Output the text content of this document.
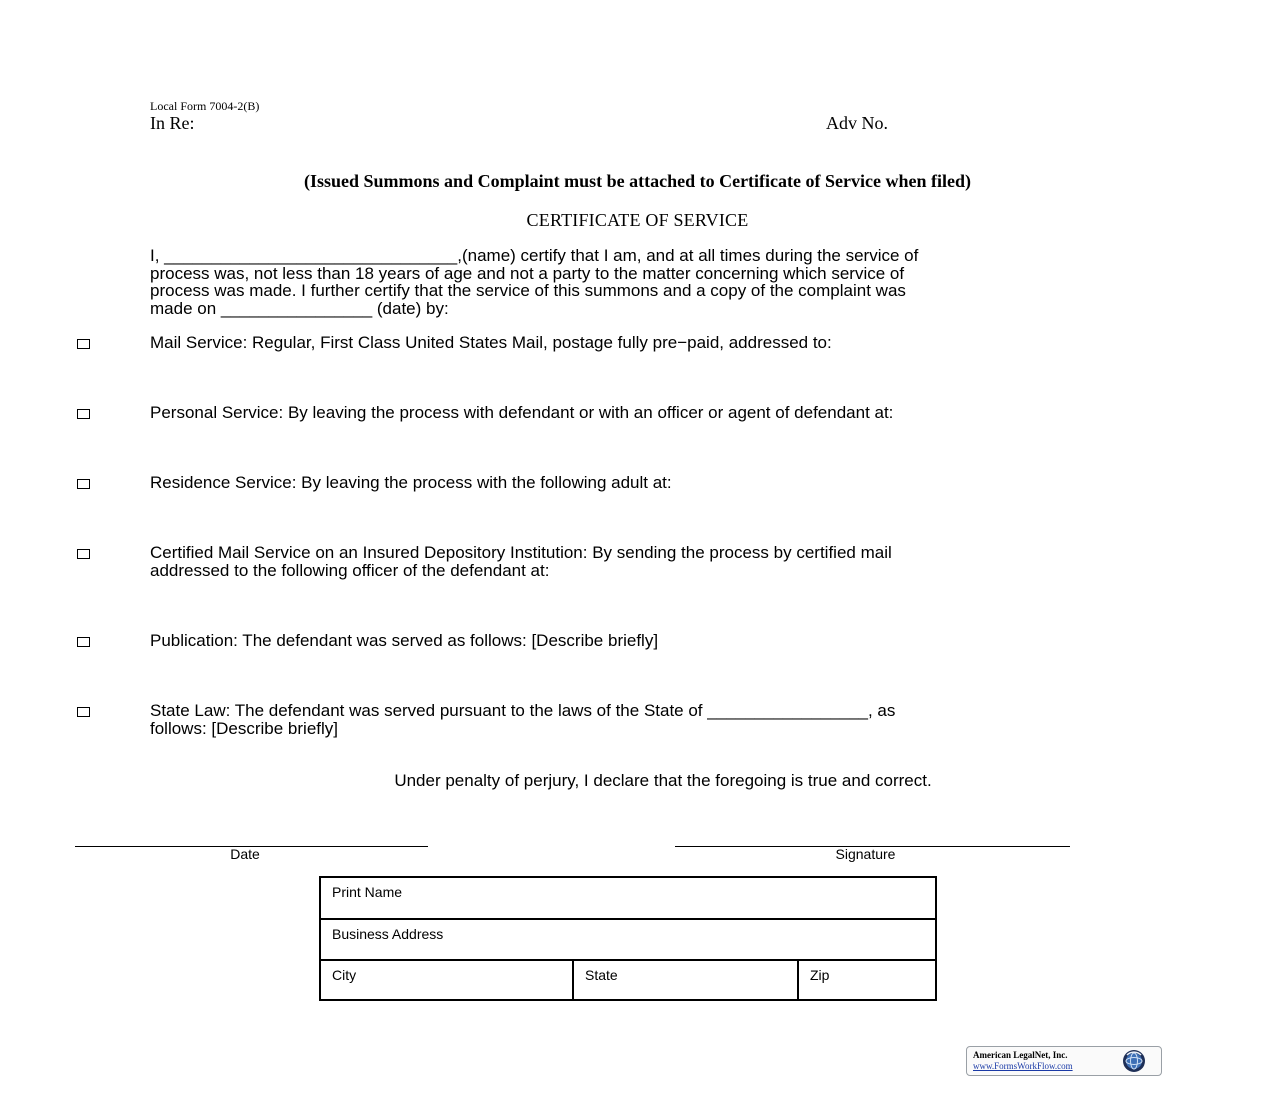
Local Form 7004-2(B)
In Re:	Adv No.
(Issued Summons and Complaint must be attached to Certificate of Service when filed)
CERTIFICATE OF SERVICE
I, _______________________________,(name) certify that I am, and at all times during the service of
process was, not less than 18 years of age and not a party to the matter concerning which service of
process was made. I further certify that the service of this summons and a copy of the complaint was
made on ________________ (date) by:
Mail Service: Regular, First Class United States Mail, postage fully pre−paid, addressed to:
Personal Service: By leaving the process with defendant or with an officer or agent of defendant at:
Residence Service: By leaving the process with the following adult at:
Certified Mail Service on an Insured Depository Institution: By sending the process by certified mail
addressed to the following officer of the defendant at:
Publication: The defendant was served as follows: [Describe briefly]
State Law: The defendant was served pursuant to the laws of the State of _________________, as
follows: [Describe briefly]
Under penalty of perjury, I declare that the foregoing is true and correct.
Date	Signature
Print Name
Business Address
City	State	Zip
American LegalNet, Inc.
www.FormsWorkFlow.com
